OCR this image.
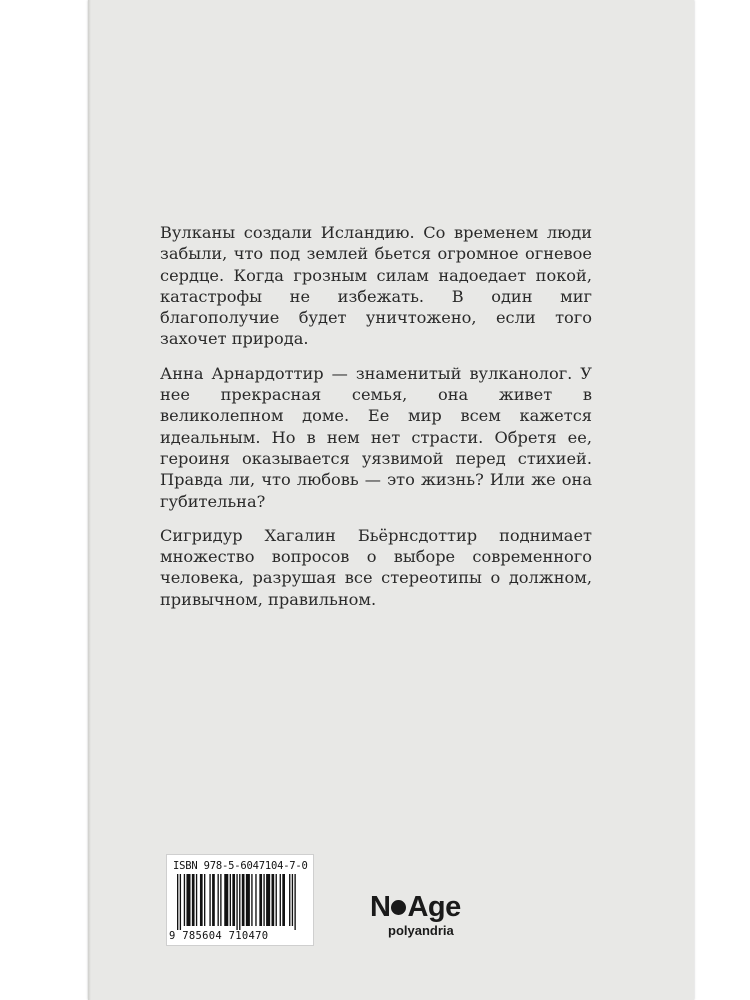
Вулканы создали Исландию. Со временем люди забыли, что под землей бьется огромное огневое сердце. Когда грозным силам надоедает покой, катастрофы не избежать. В один миг благополучие будет уничтожено, если того захочет природа.

Анна Арнардоттир — знаменитый вулканолог. У нее прекрасная семья, она живет в великолепном доме. Ее мир всем кажется идеальным. Но в нем нет страсти. Обретя ее, героиня оказывается уязвимой перед стихией. Правда ли, что любовь — это жизнь? Или же она губительна?

Сигридур Хагалин Бьёрнсдоттир поднимает множество вопросов о выборе современного человека, разрушая все стереотипы о должном, привычном, правильном.

ISBN 978-5-6047104-7-0
9 785604 710470
N Age
polyandria
